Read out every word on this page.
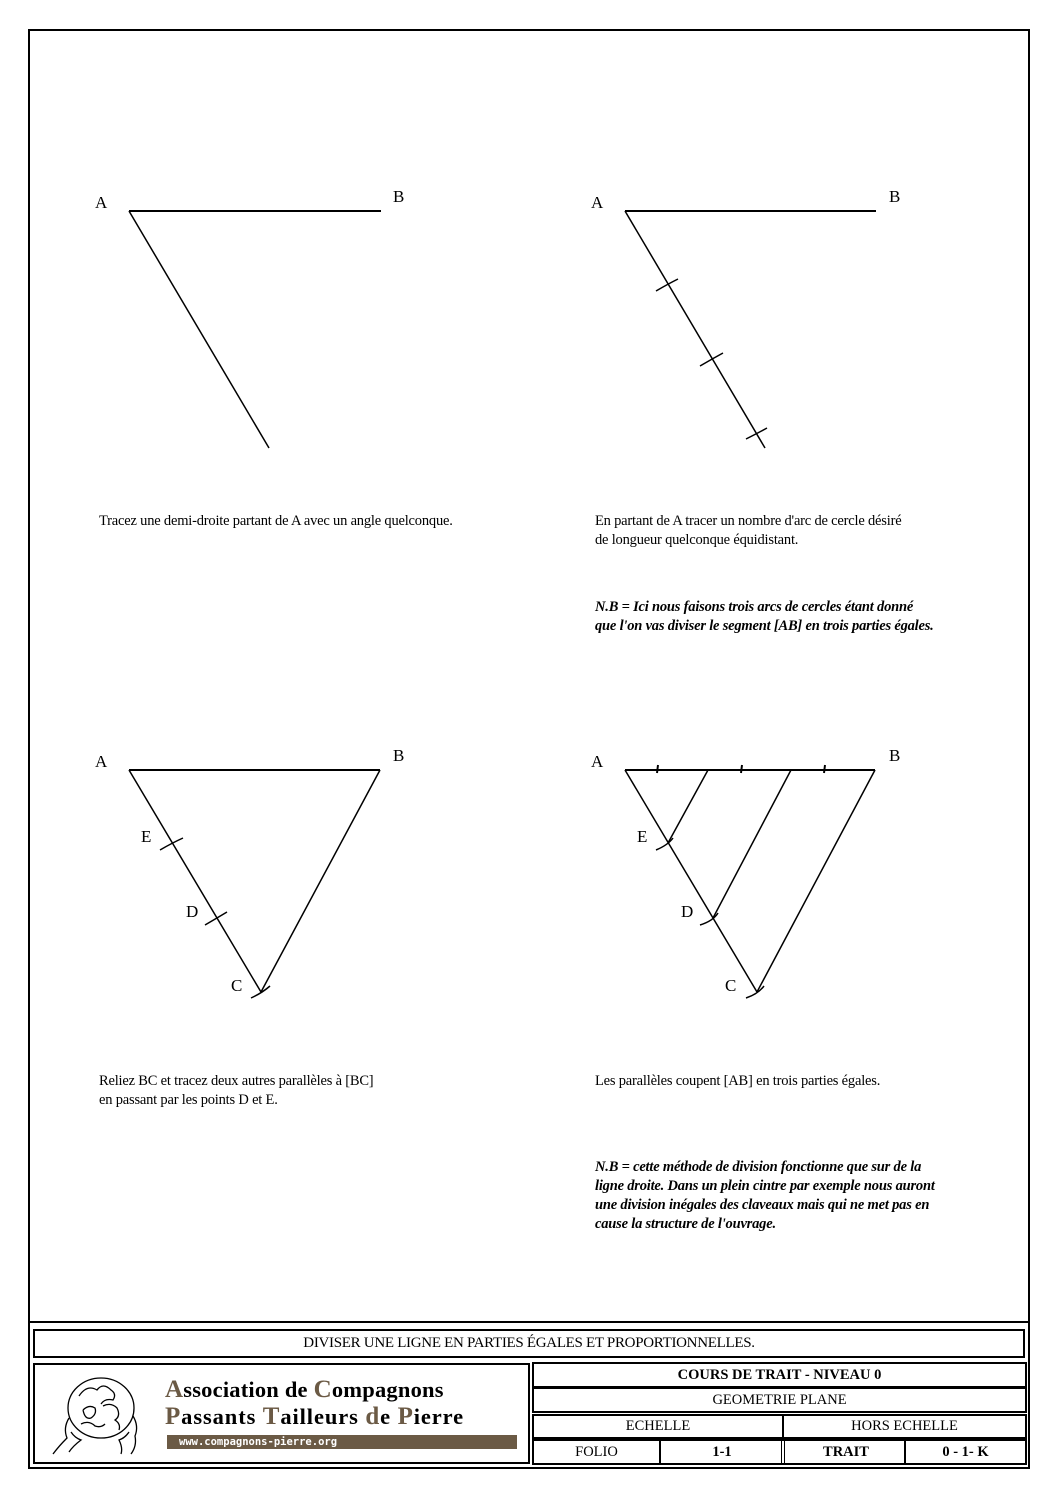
A	B	A	B
A	B
E
D
C
A	B
E
D
C
Tracez une demi-droite partant de A avec un angle quelconque.	En partant de A tracer un nombre d'arc de cercle désiré
de longueur quelconque équidistant.
N.B = Ici nous faisons trois arcs de cercles étant donné
que l'on vas diviser le segment [AB] en trois parties égales.
Reliez BC et tracez deux autres parallèles à [BC]
en passant par les points D et E.
Les parallèles coupent [AB] en trois parties égales.
N.B = cette méthode de division fonctionne que sur de la
ligne droite. Dans un plein cintre par exemple nous auront
une division inégales des claveaux mais qui ne met pas en
cause la structure de l'ouvrage.
DIVISER UNE LIGNE EN PARTIES ÉGALES ET PROPORTIONNELLES.
Association de Compagnons
Passants Tailleurs de Pierre
www.compagnons-pierre.org
COURS DE TRAIT - NIVEAU 0
GEOMETRIE PLANE
ECHELLE	HORS ECHELLE
FOLIO	1-1	TRAIT	0 - 1- K
